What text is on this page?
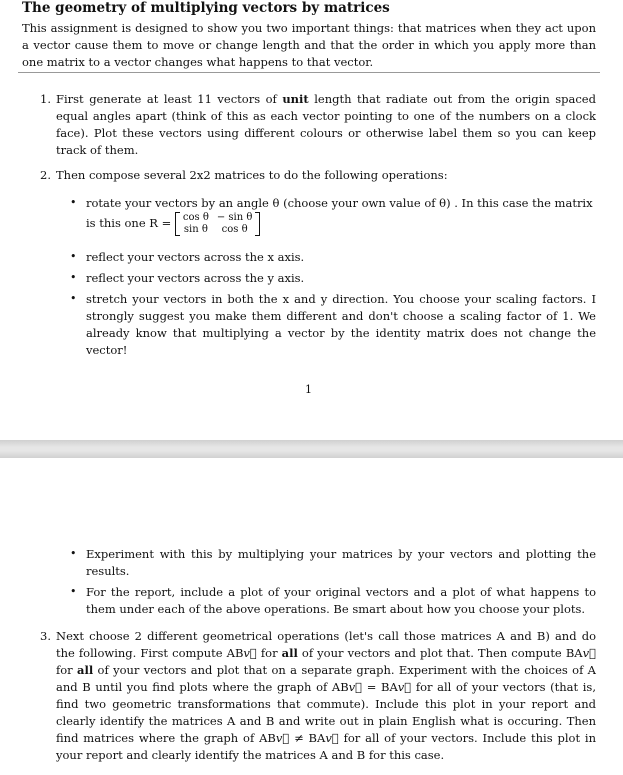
The geometry of multiplying vectors by matrices

This assignment is designed to show you two important things: that matrices when they act upon a vector cause them to move or change length and that the order in which you apply more than one matrix to a vector changes what happens to that vector.

1. First generate at least 11 vectors of unit length that radiate out from the origin spaced equal angles apart (think of this as each vector pointing to one of the numbers on a clock face). Plot these vectors using different colours or otherwise label them so you can keep track of them.

2. Then compose several 2x2 matrices to do the following operations:

• rotate your vectors by an angle θ (choose your own value of θ) . In this case the matrix

is this one R = cos θ	− sin θ
sin θ	cos θ
• reflect your vectors across the x axis.

• reflect your vectors across the y axis.

• stretch your vectors in both the x and y direction. You choose your scaling factors. I strongly suggest you make them different and don't choose a scaling factor of 1. We already know that multiplying a vector by the identity matrix does not change the vector!

1
• Experiment with this by multiplying your matrices by your vectors and plotting the results.

• For the report, include a plot of your original vectors and a plot of what happens to them under each of the above operations. Be smart about how you choose your plots.

3. Next choose 2 different geometrical operations (let's call those matrices A and B) and do the following. First compute ABv⃗ for all of your vectors and plot that. Then compute BAv⃗ for all of your vectors and plot that on a separate graph. Experiment with the choices of A and B until you find plots where the graph of ABv⃗ = BAv⃗ for all of your vectors (that is, find two geometric transformations that commute). Include this plot in your report and clearly identify the matrices A and B and write out in plain English what is occuring. Then find matrices where the graph of ABv⃗ ≠ BAv⃗ for all of your vectors. Include this plot in your report and clearly identify the matrices A and B for this case.
